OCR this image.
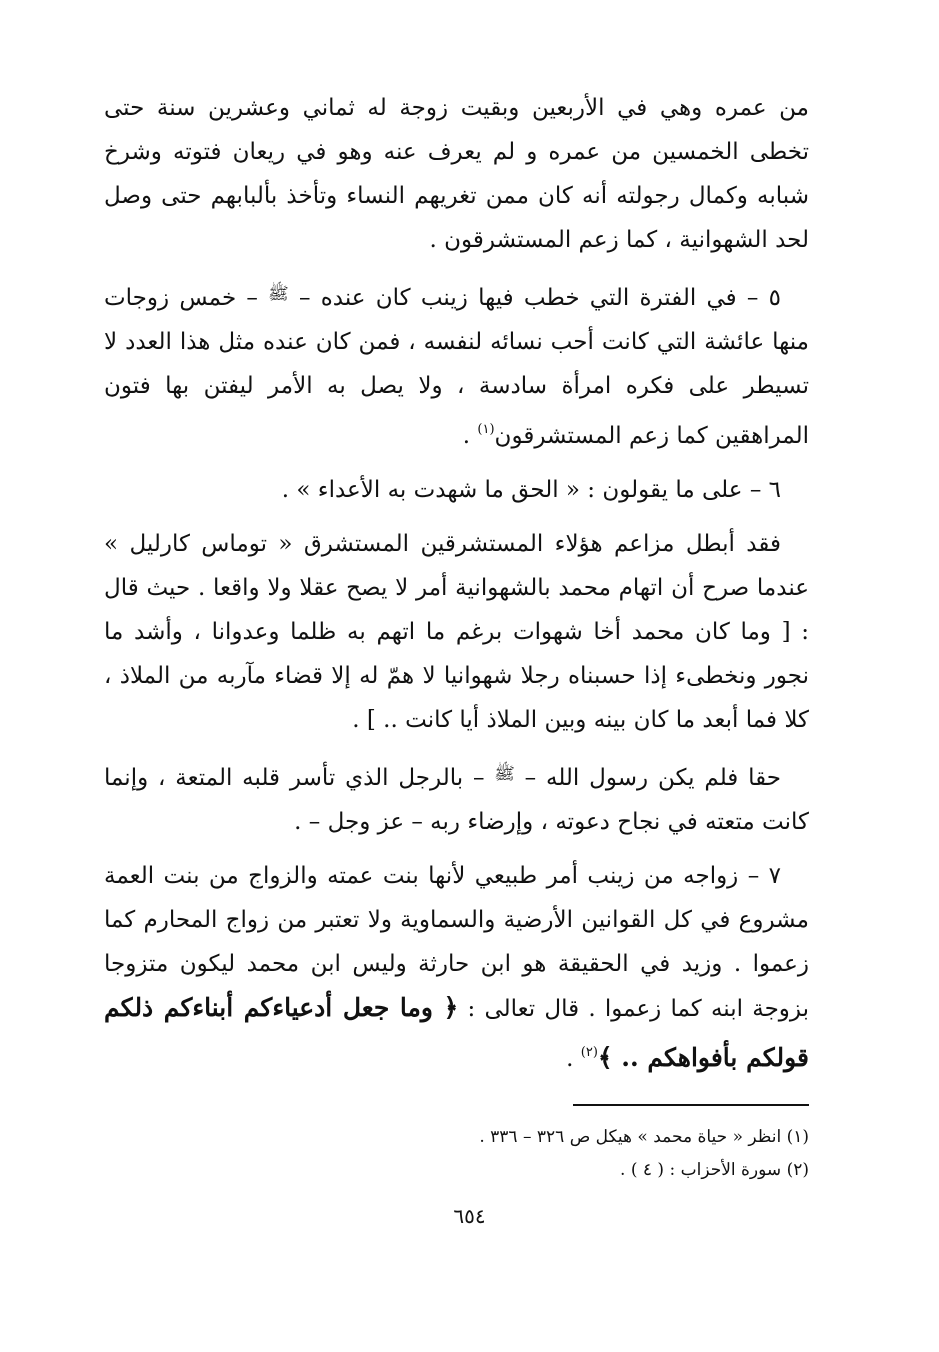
من عمره وهي في الأربعين وبقيت زوجة له ثماني وعشرين سنة حتى تخطى الخمسين من عمره و لم يعرف عنه وهو في ريعان فتوته وشرخ شبابه وكمال رجولته أنه كان ممن تغريهم النساء وتأخذ بألبابهم حتى وصل لحد الشهوانية ، كما زعم المستشرقون .

٥ – في الفترة التي خطب فيها زينب كان عنده – $^ﷺ$ – خمس زوجات منها عائشة التي كانت أحب نسائه لنفسه ، فمن كان عنده مثل هذا العدد لا تسيطر على فكره امرأة سادسة ، ولا يصل به الأمر ليفتن بها فتون المراهقين كما زعم المستشرقون$^{(١)}$ .

٦ – على ما يقولون : « الحق ما شهدت به الأعداء » .

فقد أبطل مزاعم هؤلاء المستشرقين المستشرق « توماس كارليل » عندما صرح أن اتهام محمد بالشهوانية أمر لا يصح عقلا ولا واقعا . حيث قال : [ وما كان محمد أخا شهوات برغم ما اتهم به ظلما وعدوانا ، وأشد ما نجور ونخطىء إذا حسبناه رجلا شهوانيا لا همّ له إلا قضاء مآربه من الملاذ ، كلا فما أبعد ما كان بينه وبين الملاذ أيا كانت .. ] .

حقا فلم يكن رسول الله – $^ﷺ$ – بالرجل الذي تأسر قلبه المتعة ، وإنما كانت متعته في نجاح دعوته ، وإرضاء ربه – عز وجل – .

٧ – زواجه من زينب أمر طبيعي لأنها بنت عمته والزواج من بنت العمة مشروع في كل القوانين الأرضية والسماوية ولا تعتبر من زواج المحارم كما زعموا . وزيد في الحقيقة هو ابن حارثة وليس ابن محمد ليكون متزوجا بزوجة ابنه كما زعموا . قال تعالى : ﴿ وما جعل أدعياءكم أبناءكم ذلكم قولكم بأفواهكم .. ﴾$^{(٢)}$ .

(١) انظر « حياة محمد » هيكل ص ٣٢٦ – ٣٣٦ .

(٢) سورة الأحزاب : ( ٤ ) .

٦٥٤
